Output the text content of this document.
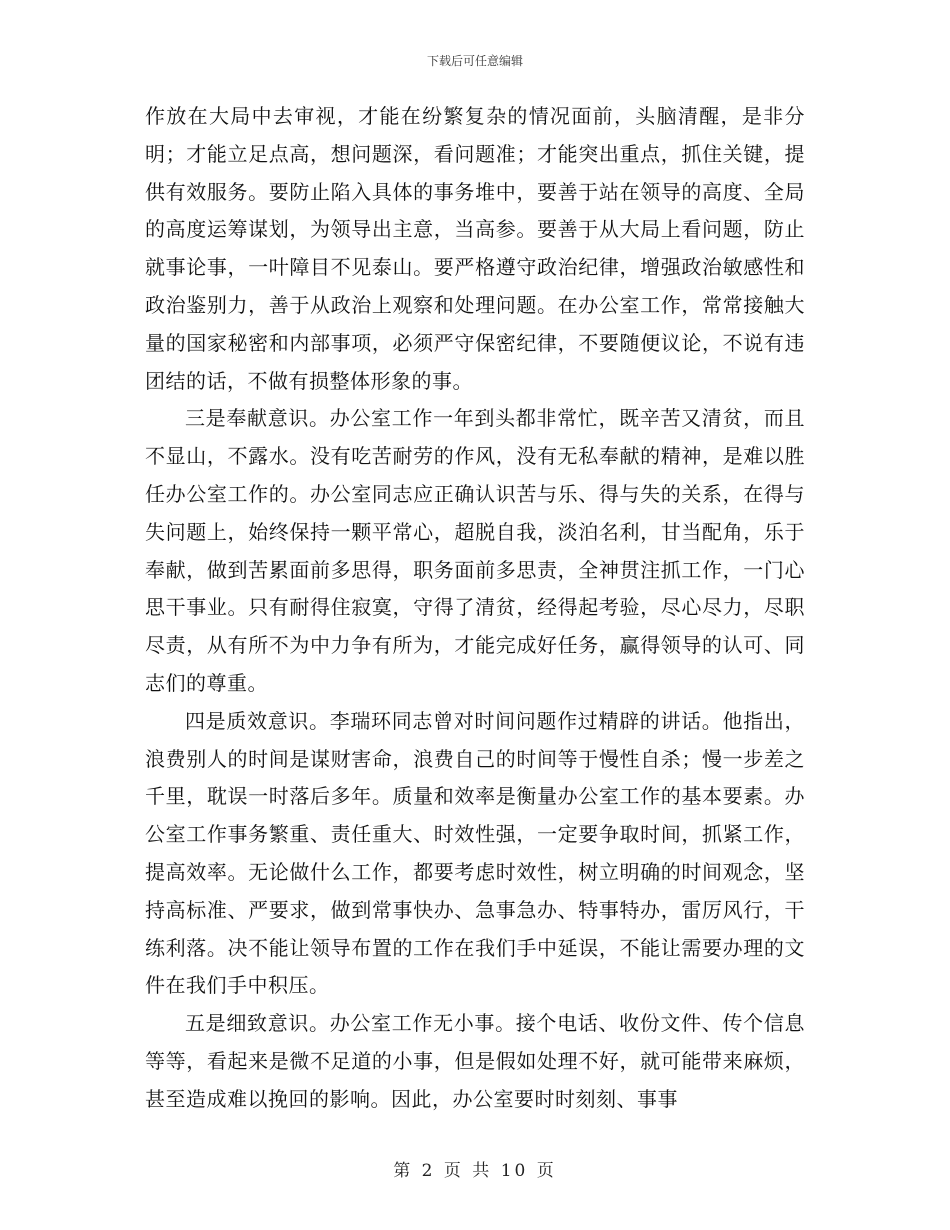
下载后可任意编辑

作放在大局中去审视，才能在纷繁复杂的情况面前，头脑清醒，是非分明；才能立足点高，想问题深，看问题准；才能突出重点，抓住关键，提供有效服务。要防止陷入具体的事务堆中，要善于站在领导的高度、全局的高度运筹谋划，为领导出主意，当高参。要善于从大局上看问题，防止就事论事，一叶障目不见泰山。要严格遵守政治纪律，增强政治敏感性和政治鉴别力，善于从政治上观察和处理问题。在办公室工作，常常接触大量的国家秘密和内部事项，必须严守保密纪律，不要随便议论，不说有违团结的话，不做有损整体形象的事。

三是奉献意识。办公室工作一年到头都非常忙，既辛苦又清贫，而且不显山，不露水。没有吃苦耐劳的作风，没有无私奉献的精神，是难以胜任办公室工作的。办公室同志应正确认识苦与乐、得与失的关系，在得与失问题上，始终保持一颗平常心，超脱自我，淡泊名利，甘当配角，乐于奉献，做到苦累面前多思得，职务面前多思责，全神贯注抓工作，一门心思干事业。只有耐得住寂寞，守得了清贫，经得起考验，尽心尽力，尽职尽责，从有所不为中力争有所为，才能完成好任务，赢得领导的认可、同志们的尊重。

四是质效意识。李瑞环同志曾对时间问题作过精辟的讲话。他指出，浪费别人的时间是谋财害命，浪费自己的时间等于慢性自杀；慢一步差之千里，耽误一时落后多年。质量和效率是衡量办公室工作的基本要素。办公室工作事务繁重、责任重大、时效性强，一定要争取时间，抓紧工作，提高效率。无论做什么工作，都要考虑时效性，树立明确的时间观念，坚持高标准、严要求，做到常事快办、急事急办、特事特办，雷厉风行，干练利落。决不能让领导布置的工作在我们手中延误，不能让需要办理的文件在我们手中积压。

五是细致意识。办公室工作无小事。接个电话、收份文件、传个信息等等，看起来是微不足道的小事，但是假如处理不好，就可能带来麻烦，甚至造成难以挽回的影响。因此，办公室要时时刻刻、事事

第 2 页 共 10 页
